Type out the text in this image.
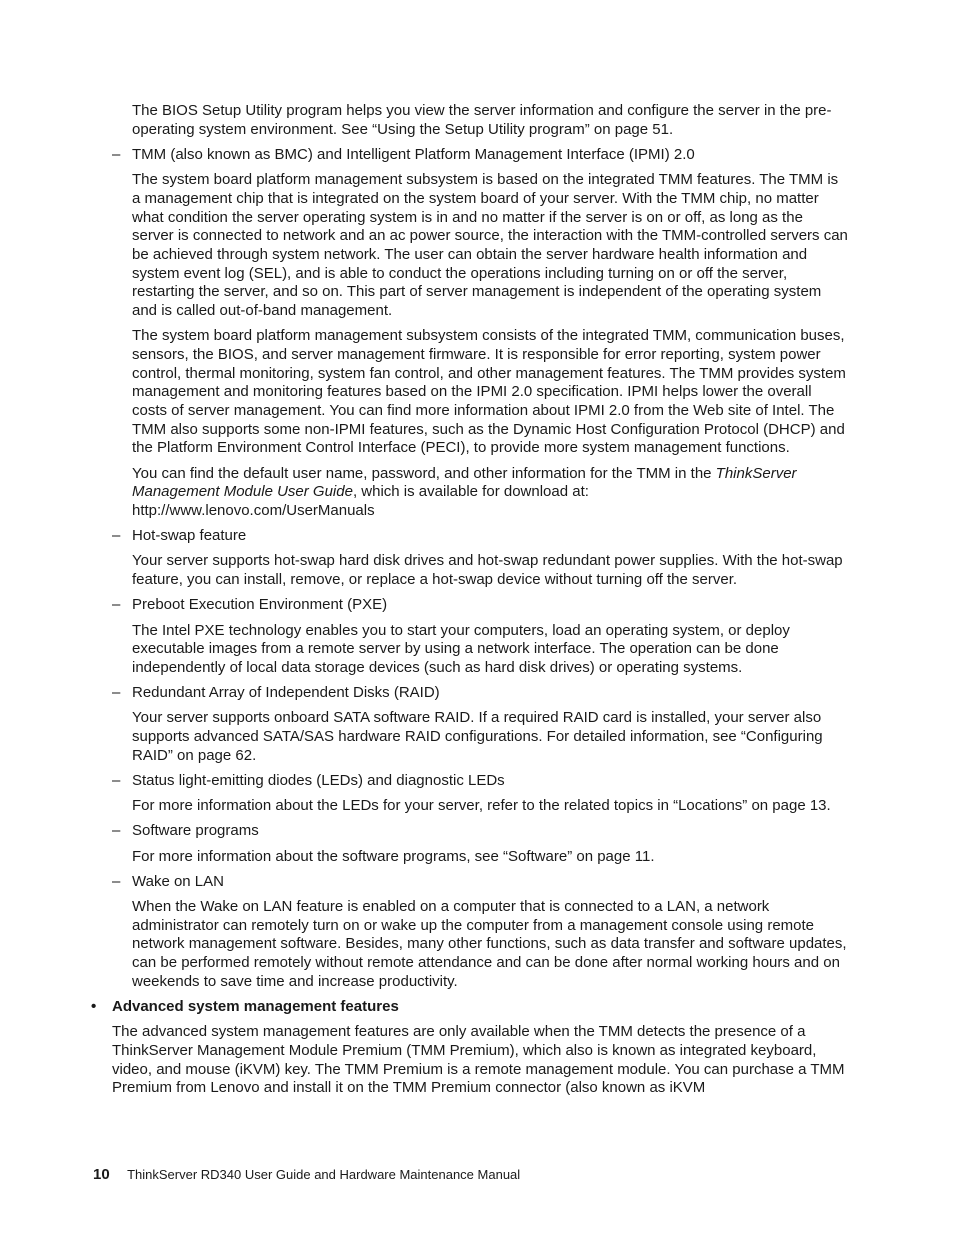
The BIOS Setup Utility program helps you view the server information and configure the server in the pre-operating system environment. See “Using the Setup Utility program” on page 51.

– TMM (also known as BMC) and Intelligent Platform Management Interface (IPMI) 2.0

The system board platform management subsystem is based on the integrated TMM features. The TMM is a management chip that is integrated on the system board of your server. With the TMM chip, no matter what condition the server operating system is in and no matter if the server is on or off, as long as the server is connected to network and an ac power source, the interaction with the TMM-controlled servers can be achieved through system network. The user can obtain the server hardware health information and system event log (SEL), and is able to conduct the operations including turning on or off the server, restarting the server, and so on. This part of server management is independent of the operating system and is called out-of-band management.

The system board platform management subsystem consists of the integrated TMM, communication buses, sensors, the BIOS, and server management firmware. It is responsible for error reporting, system power control, thermal monitoring, system fan control, and other management features. The TMM provides system management and monitoring features based on the IPMI 2.0 specification. IPMI helps lower the overall costs of server management. You can find more information about IPMI 2.0 from the Web site of Intel. The TMM also supports some non-IPMI features, such as the Dynamic Host Configuration Protocol (DHCP) and the Platform Environment Control Interface (PECI), to provide more system management functions.

You can find the default user name, password, and other information for the TMM in the ThinkServer Management Module User Guide, which is available for download at:
http://www.lenovo.com/UserManuals

– Hot-swap feature

Your server supports hot-swap hard disk drives and hot-swap redundant power supplies. With the hot-swap feature, you can install, remove, or replace a hot-swap device without turning off the server.

– Preboot Execution Environment (PXE)

The Intel PXE technology enables you to start your computers, load an operating system, or deploy executable images from a remote server by using a network interface. The operation can be done independently of local data storage devices (such as hard disk drives) or operating systems.

– Redundant Array of Independent Disks (RAID)

Your server supports onboard SATA software RAID. If a required RAID card is installed, your server also supports advanced SATA/SAS hardware RAID configurations. For detailed information, see “Configuring RAID” on page 62.

– Status light-emitting diodes (LEDs) and diagnostic LEDs

For more information about the LEDs for your server, refer to the related topics in “Locations” on page 13.

– Software programs

For more information about the software programs, see “Software” on page 11.

– Wake on LAN

When the Wake on LAN feature is enabled on a computer that is connected to a LAN, a network administrator can remotely turn on or wake up the computer from a management console using remote network management software. Besides, many other functions, such as data transfer and software updates, can be performed remotely without remote attendance and can be done after normal working hours and on weekends to save time and increase productivity.

• Advanced system management features

The advanced system management features are only available when the TMM detects the presence of a ThinkServer Management Module Premium (TMM Premium), which also is known as integrated keyboard, video, and mouse (iKVM) key. The TMM Premium is a remote management module. You can purchase a TMM Premium from Lenovo and install it on the TMM Premium connector (also known as iKVM

10 ThinkServer RD340 User Guide and Hardware Maintenance Manual
